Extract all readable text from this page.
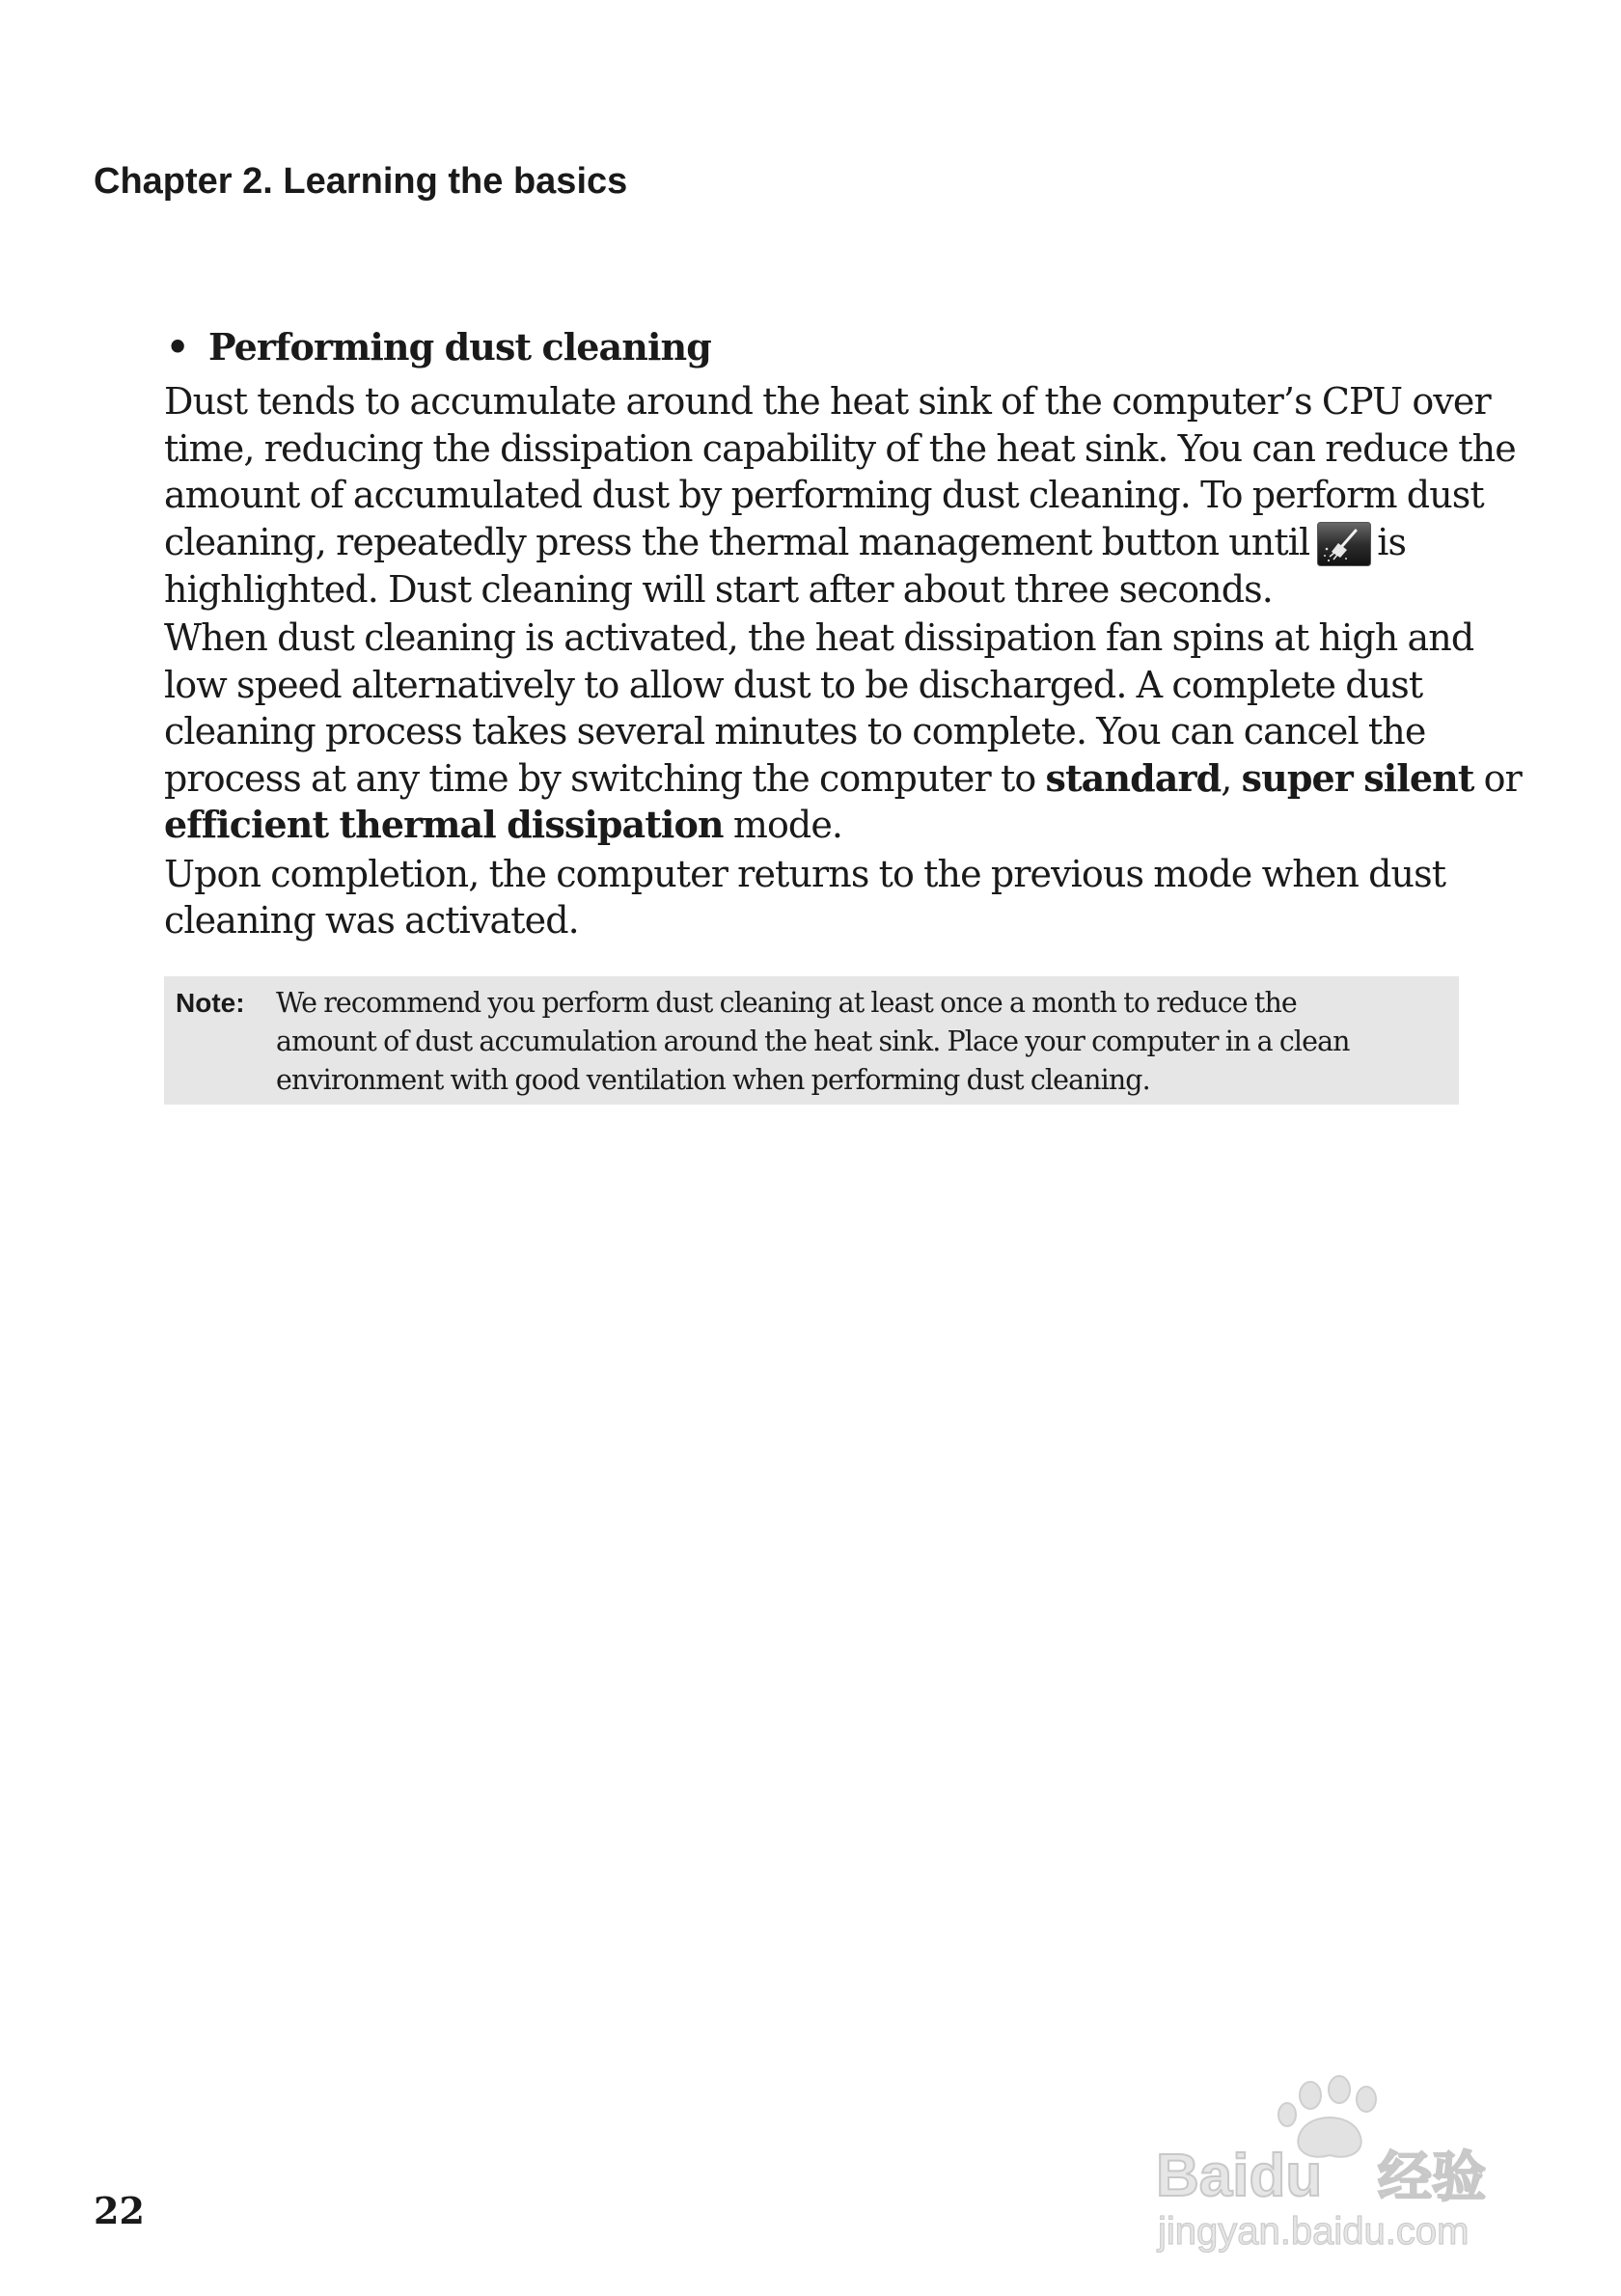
Chapter 2. Learning the basics
• Performing dust cleaning

Dust tends to accumulate around the heat sink of the computer’s CPU over
time, reducing the dissipation capability of the heat sink. You can reduce the
amount of accumulated dust by performing dust cleaning. To perform dust
cleaning, repeatedly press the thermal management button until is
highlighted. Dust cleaning will start after about three seconds.

When dust cleaning is activated, the heat dissipation fan spins at high and
low speed alternatively to allow dust to be discharged. A complete dust
cleaning process takes several minutes to complete. You can cancel the
process at any time by switching the computer to standard, super silent or
efficient thermal dissipation mode.

Upon completion, the computer returns to the previous mode when dust
cleaning was activated.

Note: We recommend you perform dust cleaning at least once a month to reduce the
amount of dust accumulation around the heat sink. Place your computer in a clean
environment with good ventilation when performing dust cleaning.
22
Baidu 经验
jingyan.baidu.com
